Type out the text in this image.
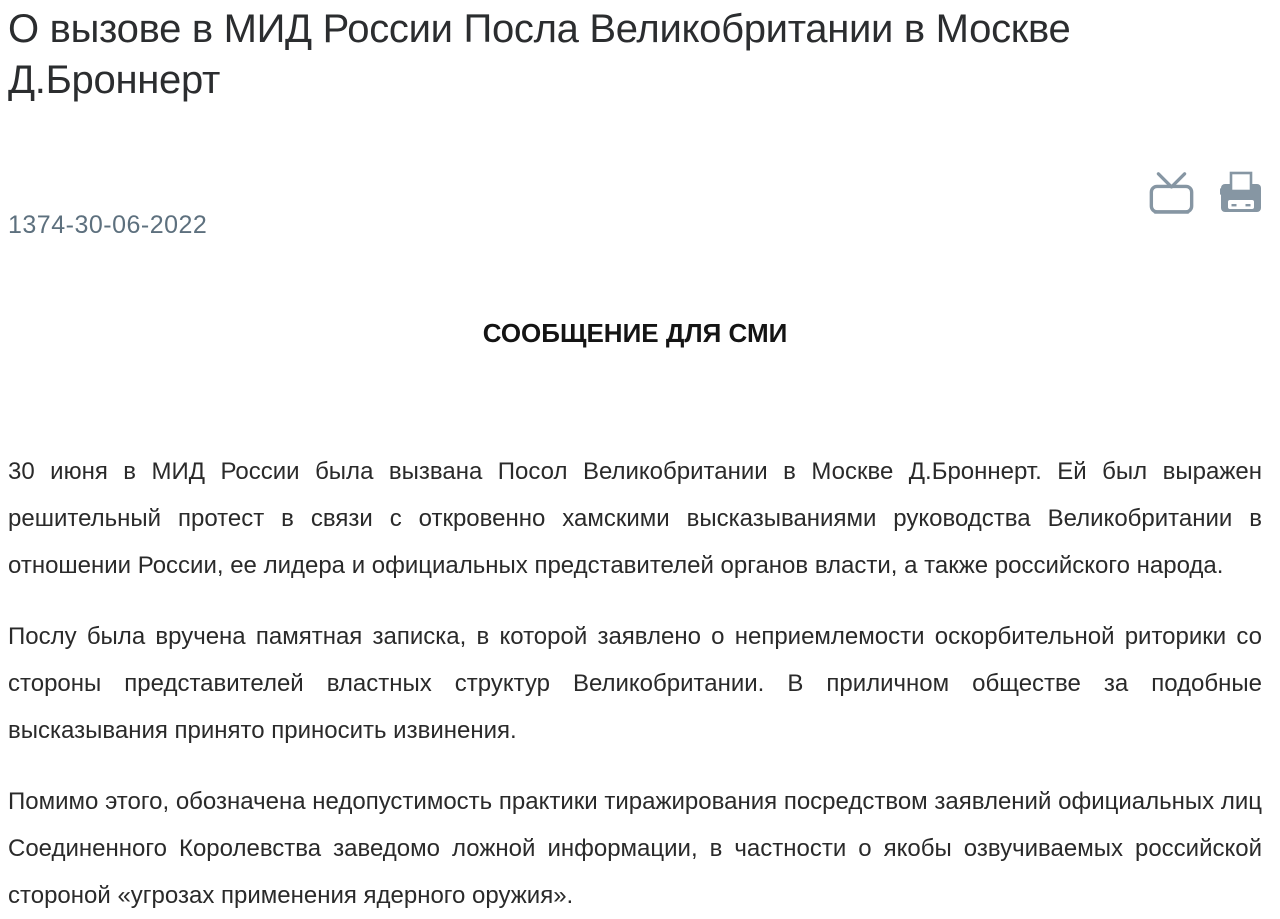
О вызове в МИД России Посла Великобритании в Москве Д.Броннерт
1374-30-06-2022
СООБЩЕНИЕ ДЛЯ СМИ

30 июня в МИД России была вызвана Посол Великобритании в Москве Д.Броннерт. Ей был выражен решительный протест в связи с откровенно хамскими высказываниями руководства Великобритании в отношении России, ее лидера и официальных представителей органов власти, а также российского народа.

Послу была вручена памятная записка, в которой заявлено о неприемлемости оскорбительной риторики со стороны представителей властных структур Великобритании. В приличном обществе за подобные высказывания принято приносить извинения.

Помимо этого, обозначена недопустимость практики тиражирования посредством заявлений официальных лиц Соединенного Королевства заведомо ложной информации, в частности о якобы озвучиваемых российской стороной «угрозах применения ядерного оружия».
